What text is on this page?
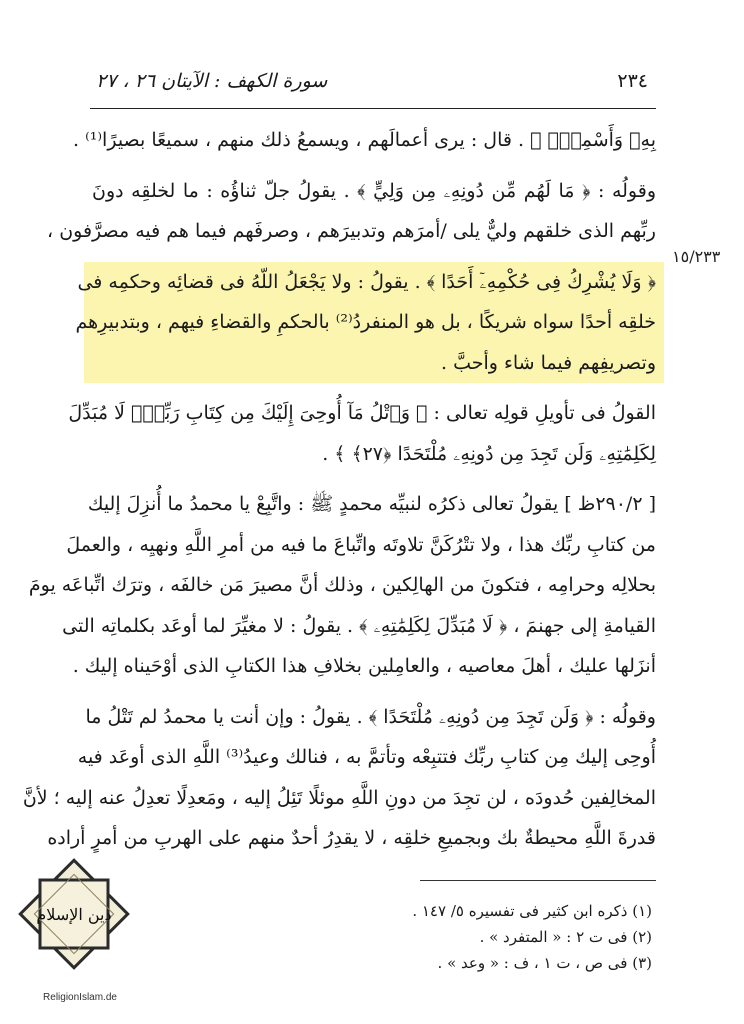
٢٣٤
سورة الكهف : الآيتان ٢٦ ، ٢٧
١٥/٢٣٣

بِهِۦ وَأَسْمِعْۚ ﴾ . قال : يرى أعمالَهم ، ويسمعُ ذلك منهم ، سميعًا بصيرًا⁽¹⁾ .

وقولُه : ﴿ مَا لَهُم مِّن دُونِهِۦ مِن وَلِيٍّ ﴾ . يقولُ جلّ ثناؤُه : ما لخلقِه دونَ
ربِّهم الذى خلقهم وليٌّ يلى /أمرَهم وتدبيرَهم ، وصرفَهم فيما هم فيه مصرَّفون ،

﴿ وَلَا يُشْرِكُ فِى حُكْمِهِۦٓ أَحَدًا ﴾ . يقولُ : ولا يَجْعَلُ اللّهُ فى قضائِه وحكمِه فى
خلقِه أحدًا سواه شريكًا ، بل هو المنفردُ⁽²⁾ بالحكمِ والقضاءِ فيهم ، وبتدبيرِهم
وتصريفِهم فيما شاء وأحبَّ .

القولُ فى تأويلِ قولِه تعالى : ﴿ وَٱتْلُ مَآ أُوحِىَ إِلَيْكَ مِن كِتَابِ رَبِّكَۖ لَا مُبَدِّلَ
لِكَلِمَٰتِهِۦ وَلَن تَجِدَ مِن دُونِهِۦ مُلْتَحَدًا ﴿٢٧﴾ ﴾ .

[ ٢٩٠/٢ظ ] يقولُ تعالى ذكرُه لنبيِّه محمدٍ ﷺ : واتَّبِعْ يا محمدُ ما أُنزِلَ إليك
من كتابِ ربِّك هذا ، ولا تتْرُكَنَّ تلاوتَه واتِّباعَ ما فيه من أمرِ اللَّهِ ونهيِه ، والعملَ
بحلالِه وحرامِه ، فتكونَ من الهالِكين ، وذلك أنَّ مصيرَ مَن خالفَه ، وترَك اتِّباعَه يومَ
القيامةِ إلى جهنمَ ، ﴿ لَا مُبَدِّلَ لِكَلِمَٰتِهِۦ ﴾ . يقولُ : لا مغيِّرَ لما أوعَد بكلماتِه التى
أنزَلها عليك ، أهلَ معاصيه ، والعامِلين بخلافِ هذا الكتابِ الذى أوْحَيناه إليك .

وقولُه : ﴿ وَلَن تَجِدَ مِن دُونِهِۦ مُلْتَحَدًا ﴾ . يقولُ : وإن أنت يا محمدُ لم تَتْلُ ما
أُوحِى إليك مِن كتابِ ربِّك فتتبِعْه وتأتمَّ به ، فنالك وعيدُ⁽³⁾ اللَّهِ الذى أوعَد فيه
المخالِفين حُدودَه ، لن تجِدَ من دونِ اللَّهِ موئلًا تَئِلُ إليه ، ومَعدِلًا تعدِلُ عنه إليه ؛ لأنَّ
قدرةَ اللَّهِ محيطةٌ بك وبجميعِ خلقِه ، لا يقدِرُ أحدٌ منهم على الهربِ من أمرٍ أراده

(١) ذكره ابن كثير فى تفسيره ٥/ ١٤٧ .
(٢) فى ت ٢ : « المتفرد » .
(٣) فى ص ، ت ١ ، ف : « وعد » .
دين الإسلام
ReligionIslam.de
